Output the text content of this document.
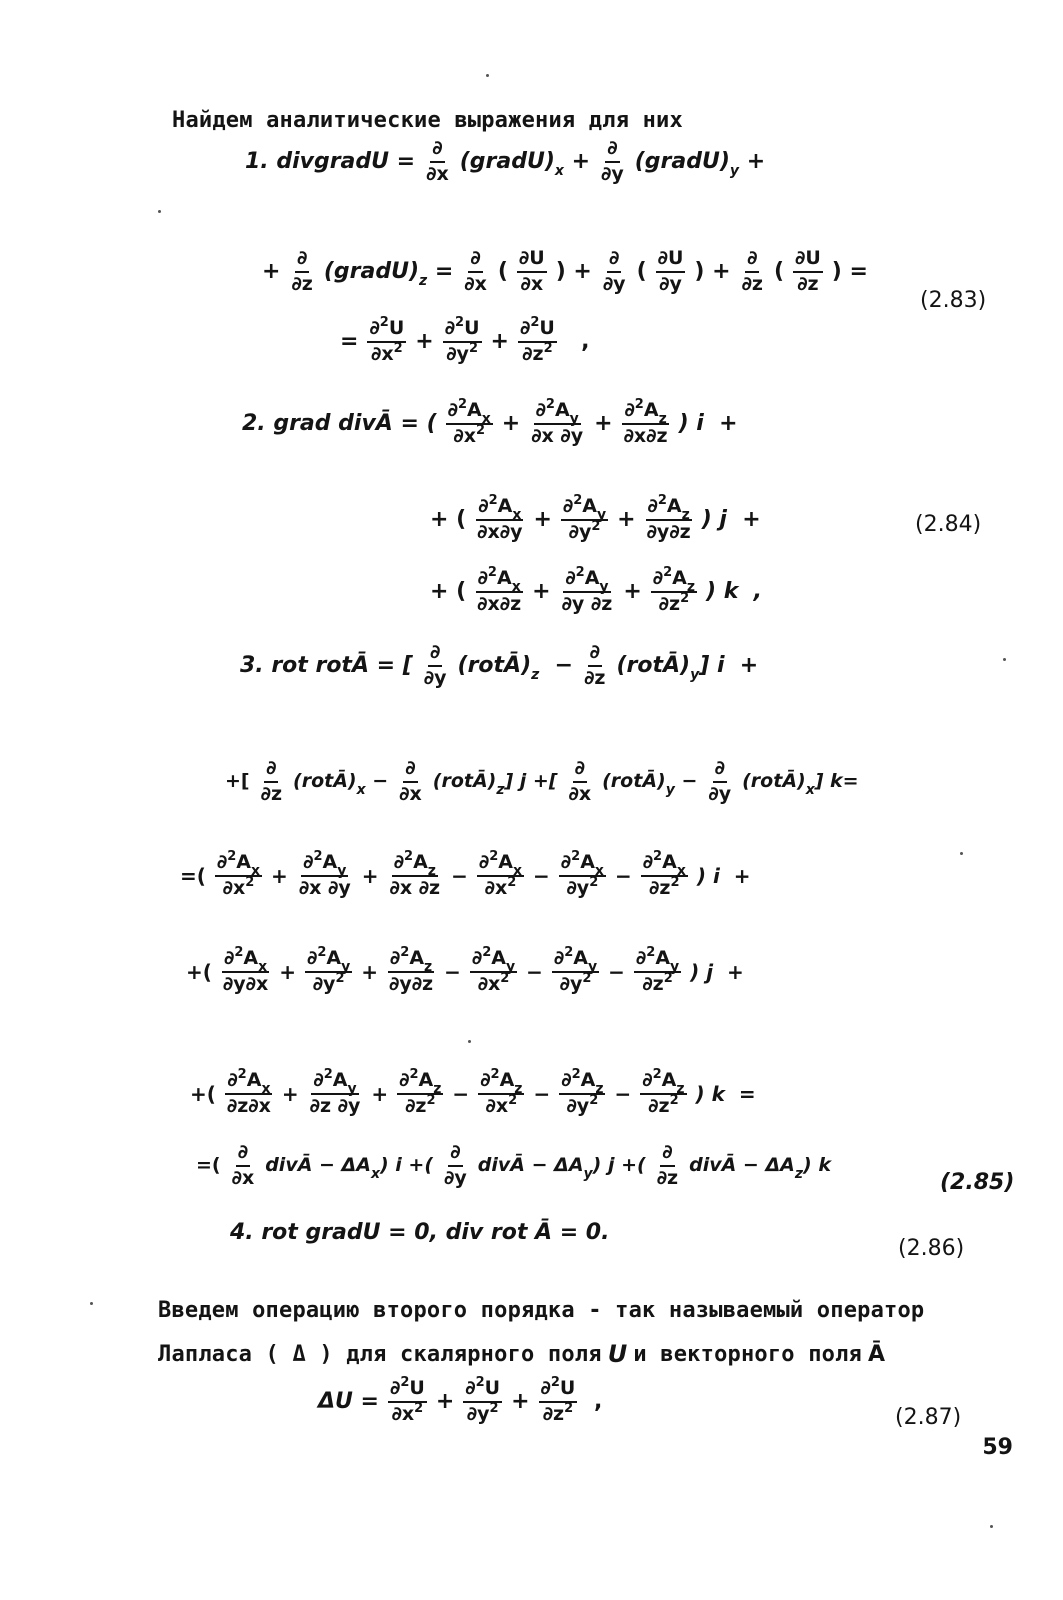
Найдем аналитические выражения для них
1. divgradU = $\frac{\partial}{\partial x}$ $(gradU)_x + \frac{\partial}{\partial y}$ $(gradU)_y$ +
+ $\frac{\partial}{\partial z}$ $(gradU)_z = \frac{\partial}{\partial x}$ ( $\frac{\partial U}{\partial x}$ ) + $\frac{\partial}{\partial y}$ ( $\frac{\partial U}{\partial y}$ ) + $\frac{\partial}{\partial z}$ ( $\frac{\partial U}{\partial z}$ ) =
(2.83)
= $\frac{\partial^2U}{\partial x^2} + \frac{\partial^2U}{\partial y^2} + \frac{\partial^2U}{\partial z^2}$ ,
2. grad divĀ = ( $\frac{\partial^2A_x}{\partial x^2} + \frac{\partial^2A_y}{\partial x \partial y} + \frac{\partial^2A_z}{\partial x\partial z}$ ) i  +
+ ( $\frac{\partial^2A_x}{\partial x\partial y} + \frac{\partial^2A_y}{\partial y^2} + \frac{\partial^2A_z}{\partial y\partial z}$ ) j  +	(2.84)
+ ( $\frac{\partial^2A_x}{\partial x\partial z} + \frac{\partial^2A_y}{\partial y \partial z} + \frac{\partial^2A_z}{\partial z^2}$ ) k  ,
3. rot rotĀ = [ $\frac{\partial}{\partial y}$ $(rotĀ)_z - \frac{\partial}{\partial z}$ $(rotĀ)_y$] i  +
+[ $\frac{\partial}{\partial z}$ $(rotĀ)_x - \frac{\partial}{\partial x}$ $(rotĀ)_z$] j +[ $\frac{\partial}{\partial x}$ $(rotĀ)_y - \frac{\partial}{\partial y}$ $(rotĀ)_x$] k=
=( $\frac{\partial^2A_x}{\partial x^2} + \frac{\partial^2A_y}{\partial x \partial y} + \frac{\partial^2A_z}{\partial x \partial z} - \frac{\partial^2A_x}{\partial x^2} - \frac{\partial^2A_x}{\partial y^2} - \frac{\partial^2A_x}{\partial z^2}$ ) i  +
+( $\frac{\partial^2A_x}{\partial y\partial x} + \frac{\partial^2A_y}{\partial y^2} + \frac{\partial^2A_z}{\partial y\partial z} - \frac{\partial^2A_y}{\partial x^2} - \frac{\partial^2A_y}{\partial y^2} - \frac{\partial^2A_y}{\partial z^2}$ ) j  +
+( $\frac{\partial^2A_x}{\partial z\partial x} + \frac{\partial^2A_y}{\partial z \partial y} + \frac{\partial^2A_z}{\partial z^2} - \frac{\partial^2A_z}{\partial x^2} - \frac{\partial^2A_z}{\partial y^2} - \frac{\partial^2A_z}{\partial z^2}$ ) k  =
=( $\frac{\partial}{\partial x}$ divĀ − $\Delta A_x$) i +( $\frac{\partial}{\partial y}$ divĀ − $\Delta A_y$) j +( $\frac{\partial}{\partial z}$ divĀ − $\Delta A_z$) k
(2.85)
4. rot gradU = 0, div rot Ā = 0.
(2.86)
Введем операцию второго порядка - так называемый оператор
Лапласа ( Δ ) для скалярного поля U и векторного поля Ā
$\Delta U = \frac{\partial^2U}{\partial x^2} + \frac{\partial^2U}{\partial y^2} + \frac{\partial^2U}{\partial z^2}$ ,
(2.87)
59
